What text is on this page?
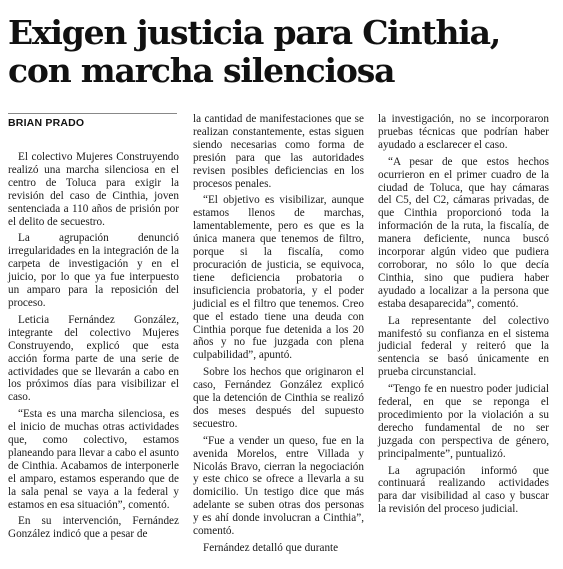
Exigen justicia para Cinthia,
con marcha silenciosa
BRIAN PRADO

El colectivo Mujeres Construyendo realizó una marcha silenciosa en el centro de Toluca para exigir la revisión del caso de Cinthia, joven sentenciada a 110 años de prisión por el delito de secuestro.

La agrupación denunció irregularidades en la integración de la carpeta de investigación y en el juicio, por lo que ya fue interpuesto un amparo para la reposición del proceso.

Leticia Fernández González, integrante del colectivo Mujeres Construyendo, explicó que esta acción forma parte de una serie de actividades que se llevarán a cabo en los próximos días para visibilizar el caso.

“Esta es una marcha silenciosa, es el inicio de muchas otras actividades que, como colectivo, estamos planeando para llevar a cabo el asunto de Cinthia. Acabamos de interponerle el amparo, estamos esperando que de la sala penal se vaya a la federal y estamos en esa situación”, comentó.

En su intervención, Fernández González indicó que a pesar de

la cantidad de manifestaciones que se realizan constantemente, estas siguen siendo necesarias como forma de presión para que las autoridades revisen posibles deficiencias en los procesos penales.

“El objetivo es visibilizar, aunque estamos llenos de marchas, lamentablemente, pero es que es la única manera que tenemos de filtro, porque si la fiscalía, como procuración de justicia, se equivoca, tiene deficiencia probatoria o insuficiencia probatoria, y el poder judicial es el filtro que tenemos. Creo que el estado tiene una deuda con Cinthia porque fue detenida a los 20 años y no fue juzgada con plena culpabilidad”, apuntó.

Sobre los hechos que originaron el caso, Fernández González explicó que la detención de Cinthia se realizó dos meses después del supuesto secuestro.

“Fue a vender un queso, fue en la avenida Morelos, entre Villada y Nicolás Bravo, cierran la negociación y este chico se ofrece a llevarla a su domicilio. Un testigo dice que más adelante se suben otras dos personas y es ahí donde involucran a Cinthia”, comentó.

Fernández detalló que durante

la investigación, no se incorporaron pruebas técnicas que podrían haber ayudado a esclarecer el caso.

“A pesar de que estos hechos ocurrieron en el primer cuadro de la ciudad de Toluca, que hay cámaras del C5, del C2, cámaras privadas, de que Cinthia proporcionó toda la información de la ruta, la fiscalía, de manera deficiente, nunca buscó incorporar algún video que pudiera corroborar, no sólo lo que decía Cinthia, sino que pudiera haber ayudado a localizar a la persona que estaba desaparecida”, comentó.

La representante del colectivo manifestó su confianza en el sistema judicial federal y reiteró que la sentencia se basó únicamente en prueba circunstancial.

“Tengo fe en nuestro poder judicial federal, en que se reponga el procedimiento por la violación a su derecho fundamental de no ser juzgada con perspectiva de género, principalmente”, puntualizó.

La agrupación informó que continuará realizando actividades para dar visibilidad al caso y buscar la revisión del proceso judicial.
